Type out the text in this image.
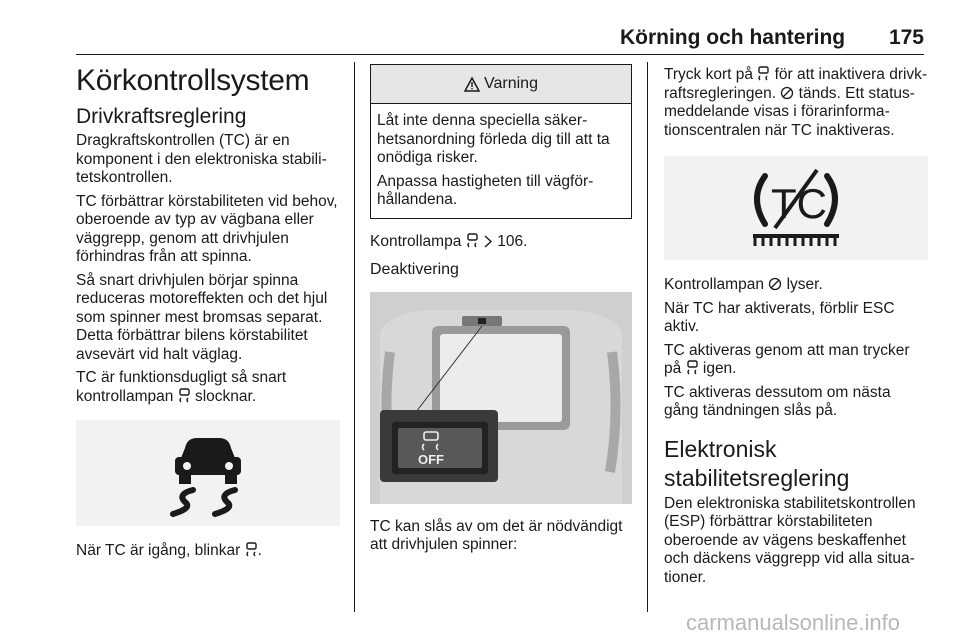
Körning och hantering 175
Körkontrollsystem
Drivkraftsreglering

Dragkraftskontrollen (TC) är en komponent i den elektroniska stabilitetskontrollen.

TC förbättrar körstabiliteten vid behov, oberoende av typ av vägbana eller väggrepp, genom att drivhjulen förhindras från att spinna.

Så snart drivhjulen börjar spinna reduceras motoreffekten och det hjul som spinner mest bromsas separat. Detta förbättrar bilens körstabilitet avsevärt vid halt väglag.

TC är funktionsdugligt så snart kontrollampan slocknar.

När TC är igång, blinkar .

Varning

Låt inte denna speciella säkerhetsanordning förleda dig till att ta onödiga risker.

Anpassa hastigheten till vägförhållandena.

Kontrollampa 106.

Deaktivering
OFF

TC kan slås av om det är nödvändigt att drivhjulen spinner:

Tryck kort på för att inaktivera drivkraftsregleringen. tänds. Ett statusmeddelande visas i förarinformationscentralen när TC inaktiveras.

TC

Kontrollampan lyser.

När TC har aktiverats, förblir ESC aktiv.

TC aktiveras genom att man trycker på igen.

TC aktiveras dessutom om nästa gång tändningen slås på.

Elektronisk stabilitetsreglering

Den elektroniska stabilitetskontrollen (ESP) förbättrar körstabiliteten oberoende av vägens beskaffenhet och däckens väggrepp vid alla situationer.

carmanualsonline.info
